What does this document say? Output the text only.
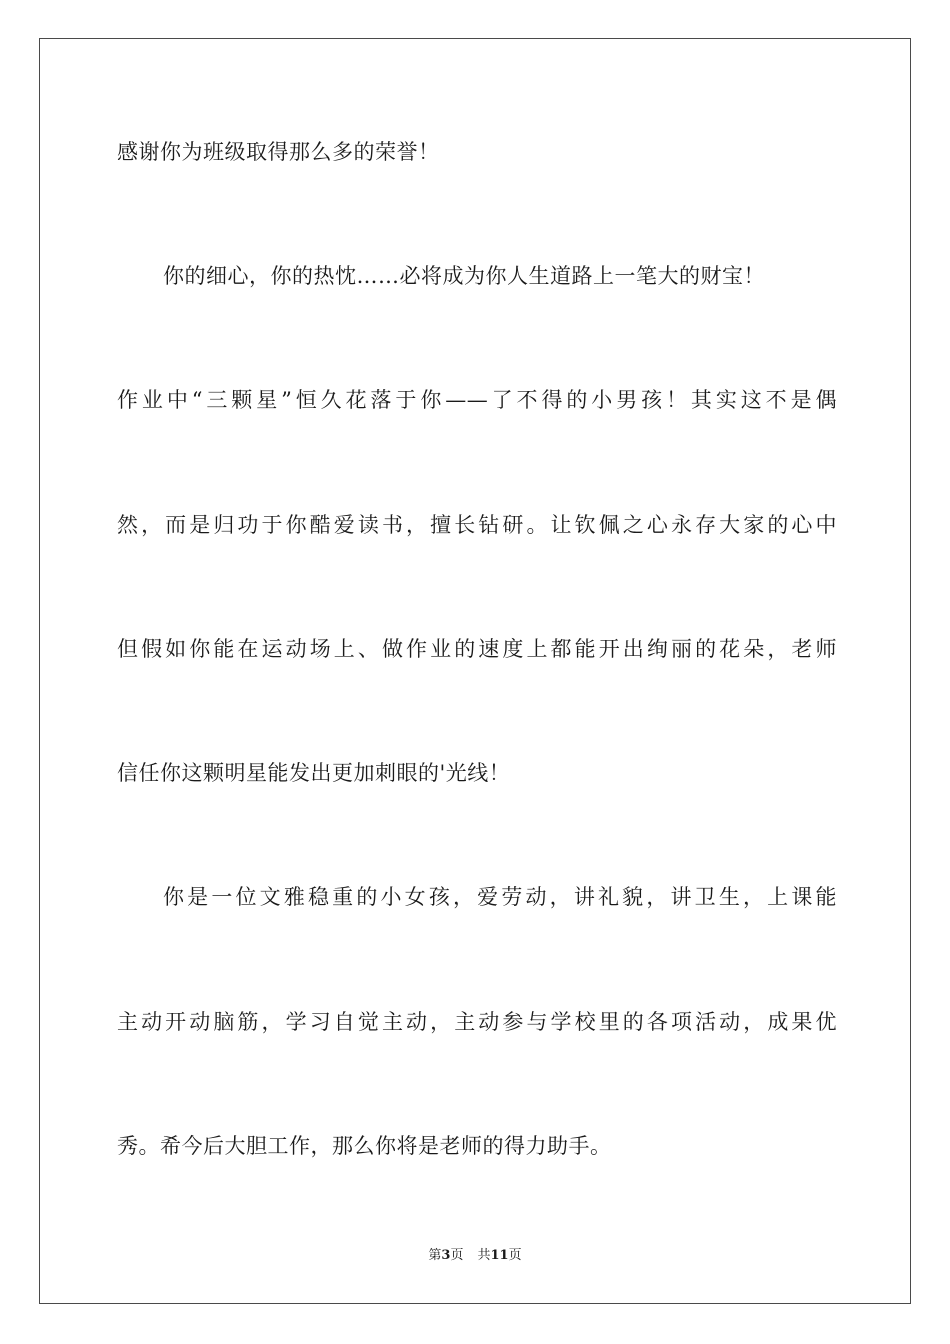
感谢你为班级取得那么多的荣誉！
你的细心，你的热忱……必将成为你人生道路上一笔大的财宝！
作业中“三颗星”恒久花落于你——了不得的小男孩！其实这不是偶
然，而是归功于你酷爱读书，擅长钻研。让钦佩之心永存大家的心中
但假如你能在运动场上、做作业的速度上都能开出绚丽的花朵，老师
信任你这颗明星能发出更加刺眼的'光线！
你是一位文雅稳重的小女孩，爱劳动，讲礼貌，讲卫生，上课能
主动开动脑筋，学习自觉主动，主动参与学校里的各项活动，成果优
秀。希今后大胆工作，那么你将是老师的得力助手。
第3页 共11页
